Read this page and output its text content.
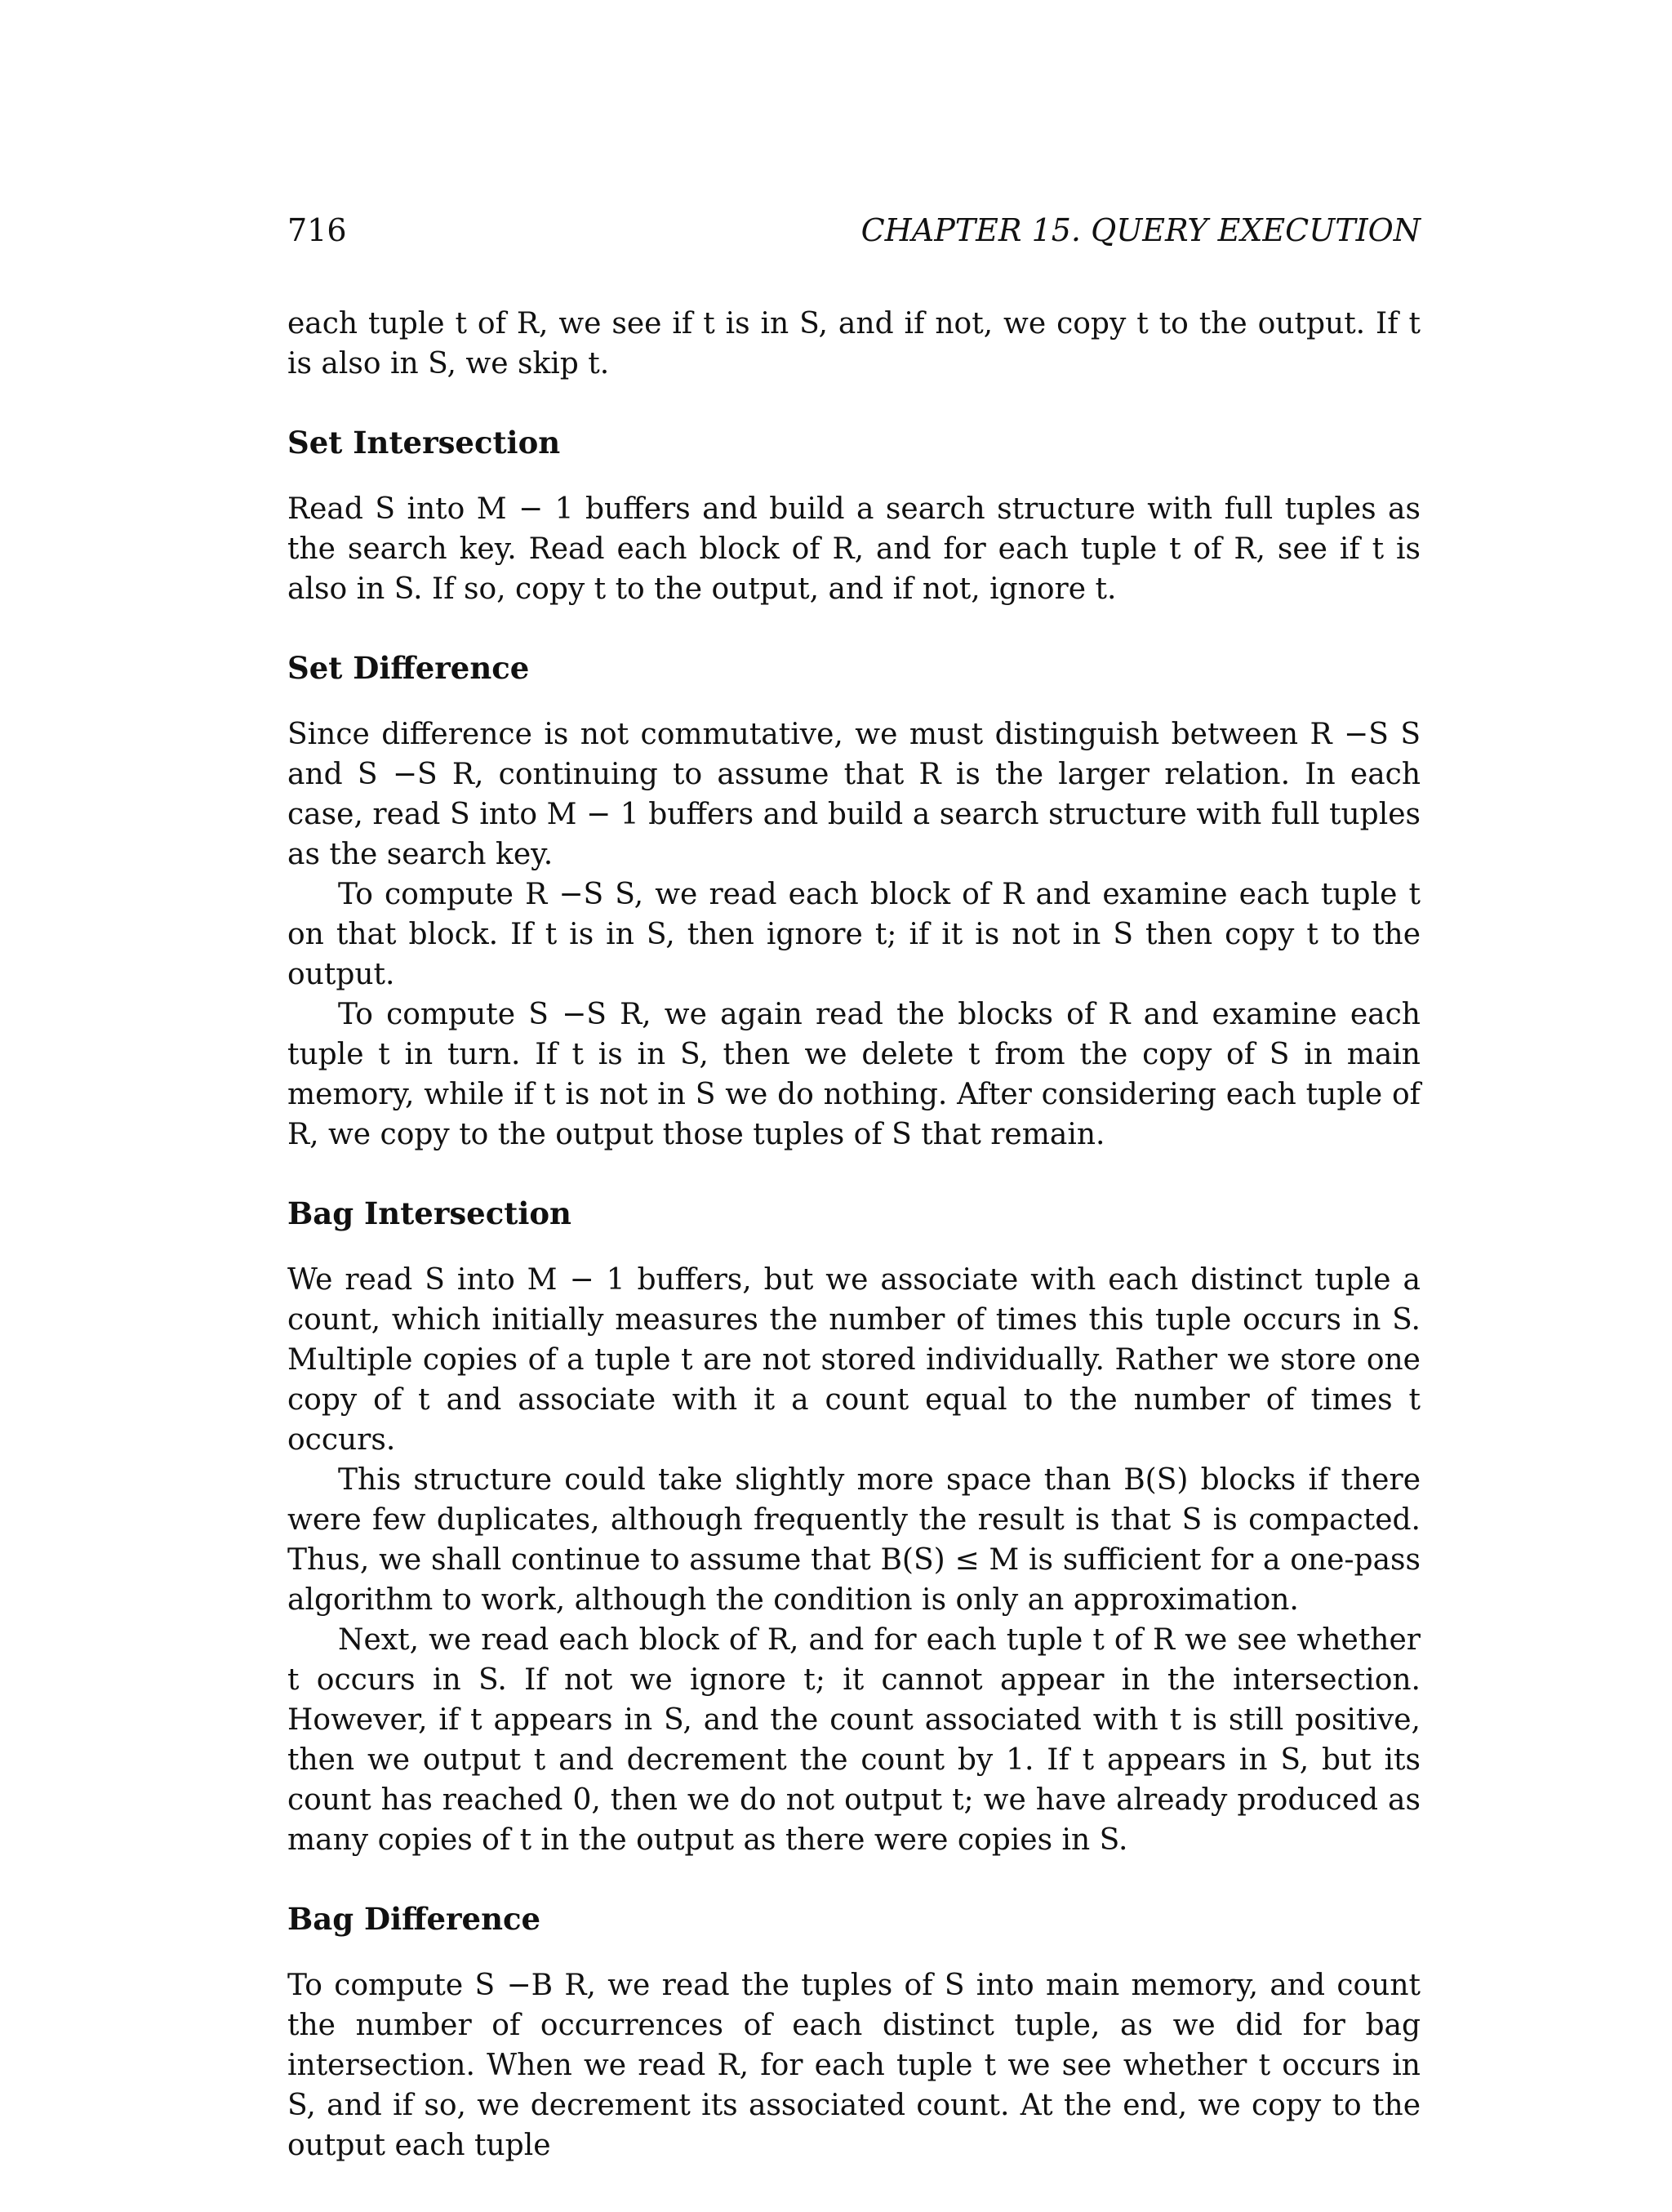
716	CHAPTER 15. QUERY EXECUTION

each tuple t of R, we see if t is in S, and if not, we copy t to the output. If t is also in S, we skip t.

Set Intersection

Read S into M − 1 buffers and build a search structure with full tuples as the search key. Read each block of R, and for each tuple t of R, see if t is also in S. If so, copy t to the output, and if not, ignore t.

Set Difference

Since difference is not commutative, we must distinguish between R −S S and S −S R, continuing to assume that R is the larger relation. In each case, read S into M − 1 buffers and build a search structure with full tuples as the search key.

To compute R −S S, we read each block of R and examine each tuple t on that block. If t is in S, then ignore t; if it is not in S then copy t to the output.

To compute S −S R, we again read the blocks of R and examine each tuple t in turn. If t is in S, then we delete t from the copy of S in main memory, while if t is not in S we do nothing. After considering each tuple of R, we copy to the output those tuples of S that remain.

Bag Intersection

We read S into M − 1 buffers, but we associate with each distinct tuple a count, which initially measures the number of times this tuple occurs in S. Multiple copies of a tuple t are not stored individually. Rather we store one copy of t and associate with it a count equal to the number of times t occurs.

This structure could take slightly more space than B(S) blocks if there were few duplicates, although frequently the result is that S is compacted. Thus, we shall continue to assume that B(S) ≤ M is sufficient for a one-pass algorithm to work, although the condition is only an approximation.

Next, we read each block of R, and for each tuple t of R we see whether t occurs in S. If not we ignore t; it cannot appear in the intersection. However, if t appears in S, and the count associated with t is still positive, then we output t and decrement the count by 1. If t appears in S, but its count has reached 0, then we do not output t; we have already produced as many copies of t in the output as there were copies in S.

Bag Difference

To compute S −B R, we read the tuples of S into main memory, and count the number of occurrences of each distinct tuple, as we did for bag intersection. When we read R, for each tuple t we see whether t occurs in S, and if so, we decrement its associated count. At the end, we copy to the output each tuple
